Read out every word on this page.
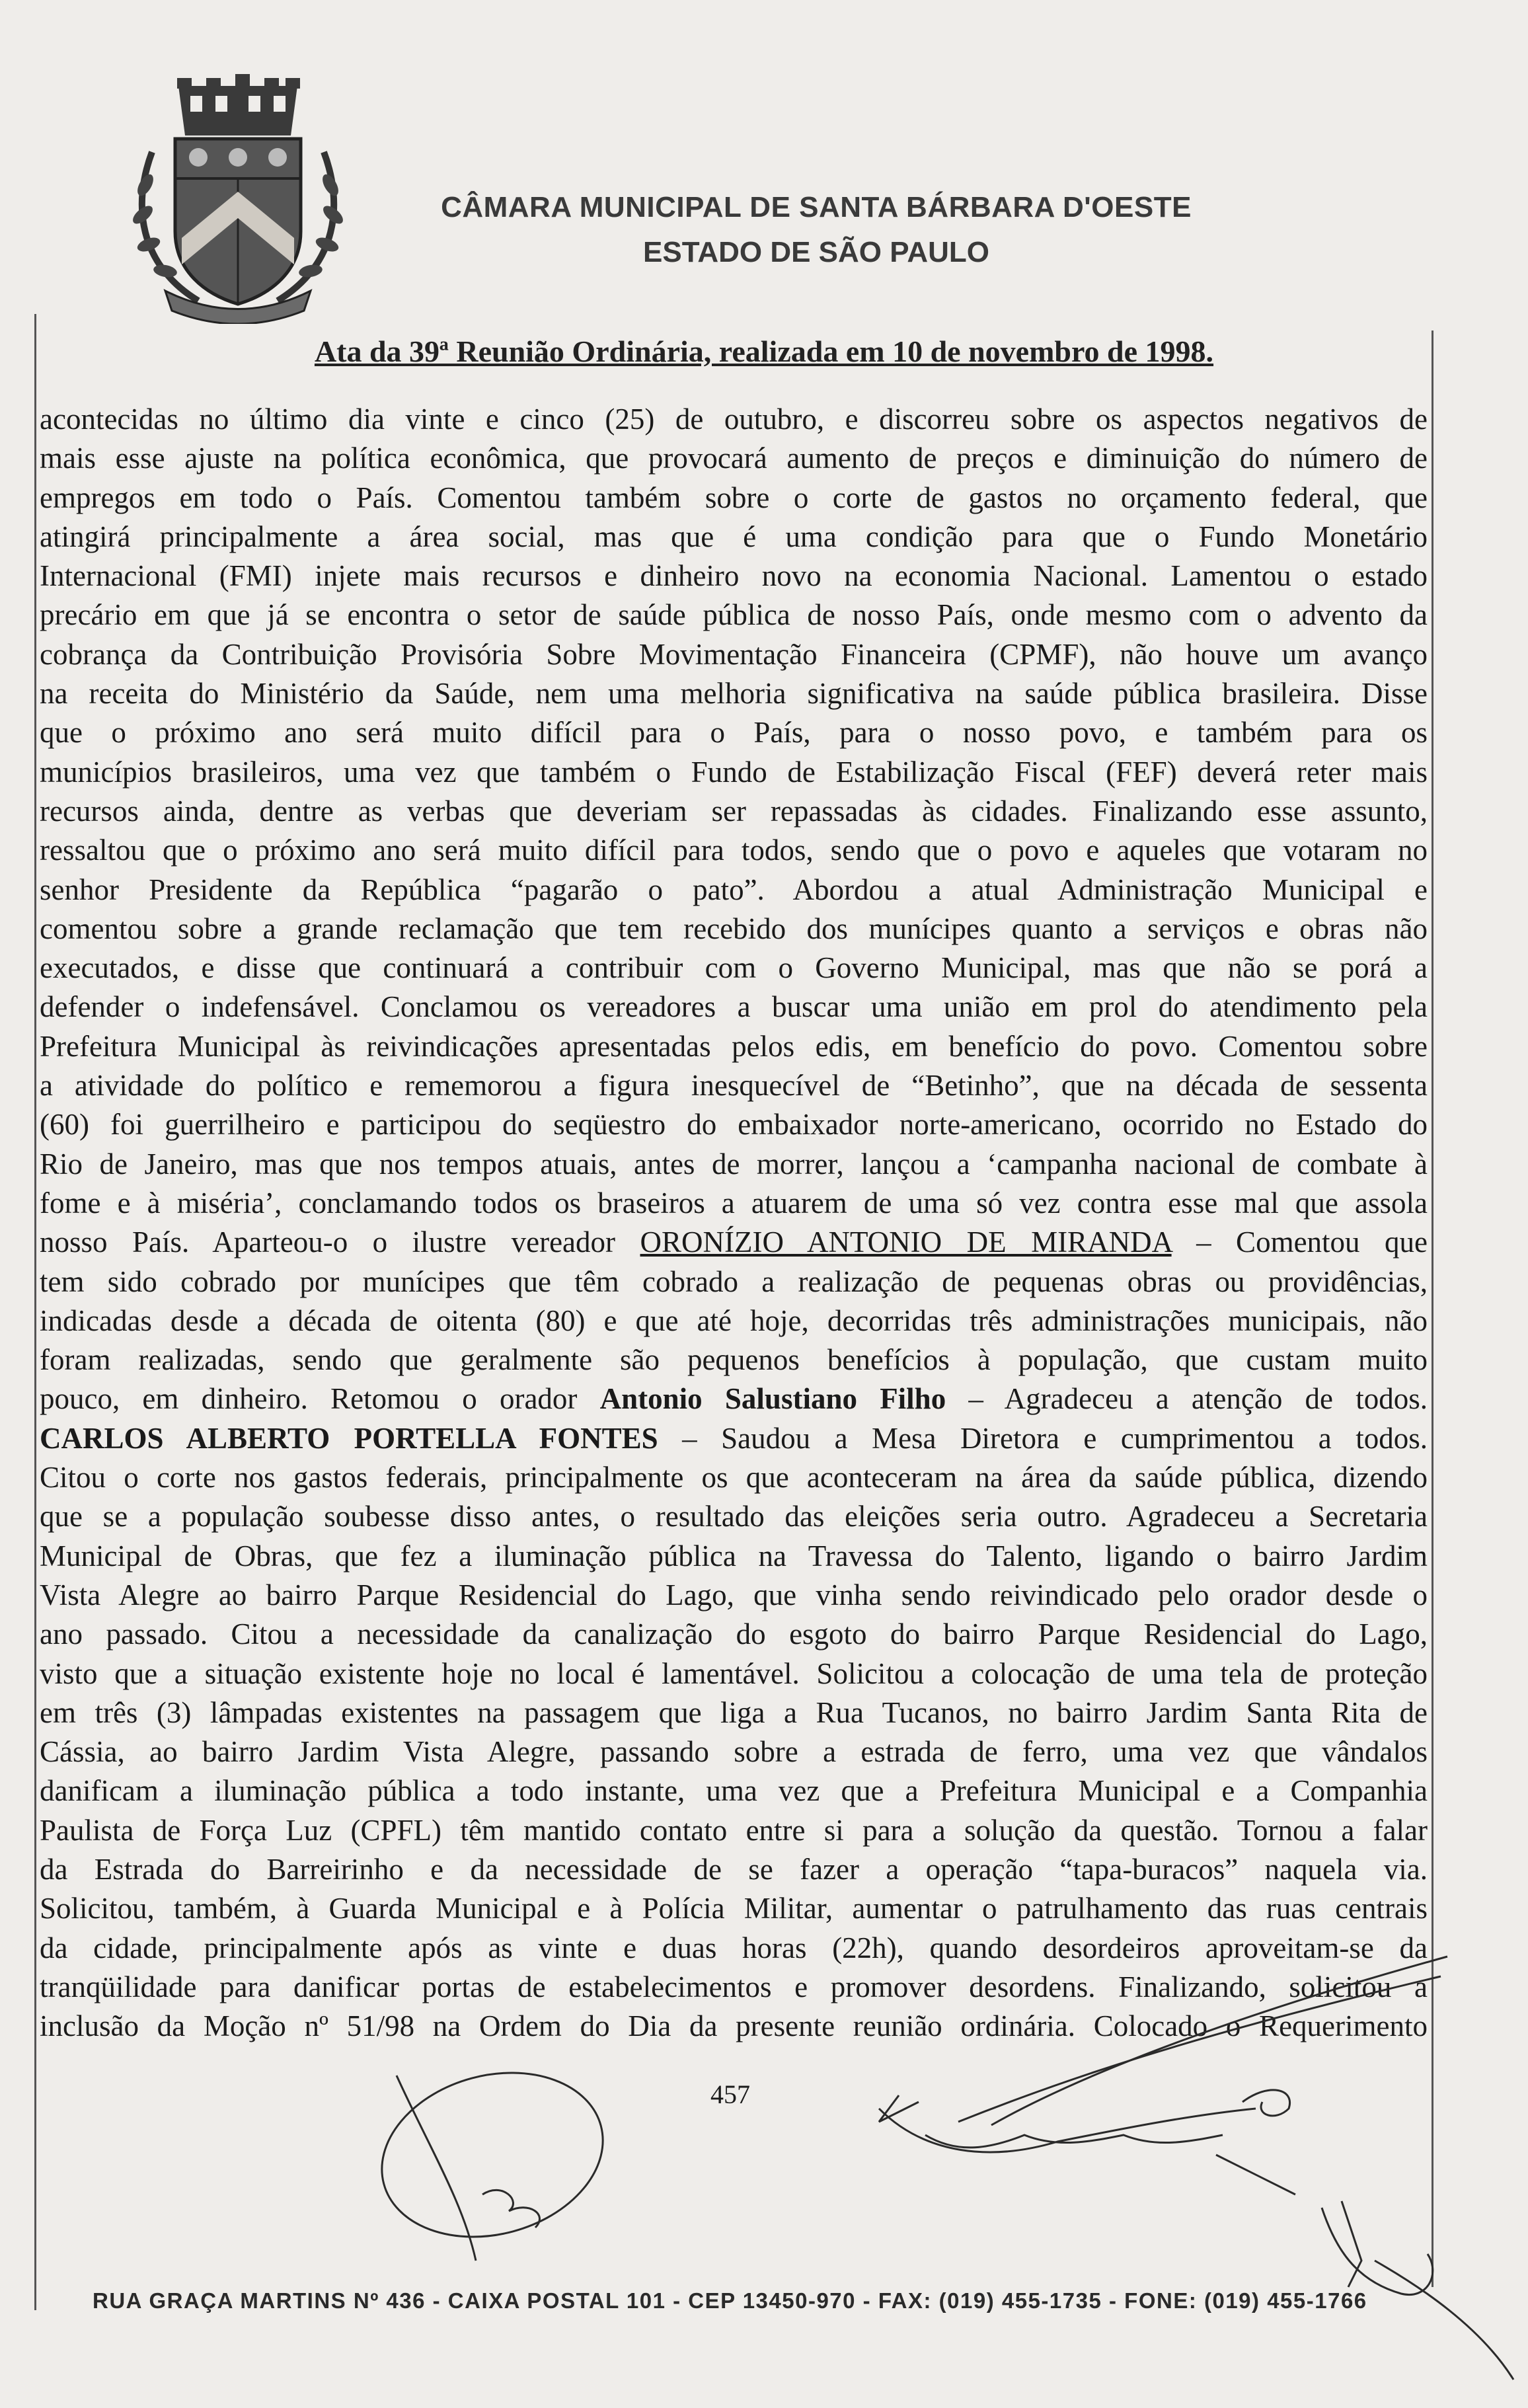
CÂMARA MUNICIPAL DE SANTA BÁRBARA D'OESTE
ESTADO DE SÃO PAULO
Ata da 39ª Reunião Ordinária, realizada em 10 de novembro de 1998.
acontecidas no último dia vinte e cinco (25) de outubro, e discorreu sobre os aspectos negativos de
mais esse ajuste na política econômica, que provocará aumento de preços e diminuição do número de
empregos em todo o País. Comentou também sobre o corte de gastos no orçamento federal, que
atingirá principalmente a área social, mas que é uma condição para que o Fundo Monetário
Internacional (FMI) injete mais recursos e dinheiro novo na economia Nacional. Lamentou o estado
precário em que já se encontra o setor de saúde pública de nosso País, onde mesmo com o advento da
cobrança da Contribuição Provisória Sobre Movimentação Financeira (CPMF), não houve um avanço
na receita do Ministério da Saúde, nem uma melhoria significativa na saúde pública brasileira. Disse
que o próximo ano será muito difícil para o País, para o nosso povo, e também para os
municípios brasileiros, uma vez que também o Fundo de Estabilização Fiscal (FEF) deverá reter mais
recursos ainda, dentre as verbas que deveriam ser repassadas às cidades. Finalizando esse assunto,
ressaltou que o próximo ano será muito difícil para todos, sendo que o povo e aqueles que votaram no
senhor Presidente da República “pagarão o pato”. Abordou a atual Administração Municipal e
comentou sobre a grande reclamação que tem recebido dos munícipes quanto a serviços e obras não
executados, e disse que continuará a contribuir com o Governo Municipal, mas que não se porá a
defender o indefensável. Conclamou os vereadores a buscar uma união em prol do atendimento pela
Prefeitura Municipal às reivindicações apresentadas pelos edis, em benefício do povo. Comentou sobre
a atividade do político e rememorou a figura inesquecível de “Betinho”, que na década de sessenta
(60) foi guerrilheiro e participou do seqüestro do embaixador norte-americano, ocorrido no Estado do
Rio de Janeiro, mas que nos tempos atuais, antes de morrer, lançou a ‘campanha nacional de combate à
fome e à miséria’, conclamando todos os braseiros a atuarem de uma só vez contra esse mal que assola
nosso País. Aparteou-o o ilustre vereador ORONÍZIO ANTONIO DE MIRANDA – Comentou que
tem sido cobrado por munícipes que têm cobrado a realização de pequenas obras ou providências,
indicadas desde a década de oitenta (80) e que até hoje, decorridas três administrações municipais, não
foram realizadas, sendo que geralmente são pequenos benefícios à população, que custam muito
pouco, em dinheiro. Retomou o orador Antonio Salustiano Filho – Agradeceu a atenção de todos.
CARLOS ALBERTO PORTELLA FONTES – Saudou a Mesa Diretora e cumprimentou a todos.
Citou o corte nos gastos federais, principalmente os que aconteceram na área da saúde pública, dizendo
que se a população soubesse disso antes, o resultado das eleições seria outro. Agradeceu a Secretaria
Municipal de Obras, que fez a iluminação pública na Travessa do Talento, ligando o bairro Jardim
Vista Alegre ao bairro Parque Residencial do Lago, que vinha sendo reivindicado pelo orador desde o
ano passado. Citou a necessidade da canalização do esgoto do bairro Parque Residencial do Lago,
visto que a situação existente hoje no local é lamentável. Solicitou a colocação de uma tela de proteção
em três (3) lâmpadas existentes na passagem que liga a Rua Tucanos, no bairro Jardim Santa Rita de
Cássia, ao bairro Jardim Vista Alegre, passando sobre a estrada de ferro, uma vez que vândalos
danificam a iluminação pública a todo instante, uma vez que a Prefeitura Municipal e a Companhia
Paulista de Força Luz (CPFL) têm mantido contato entre si para a solução da questão. Tornou a falar
da Estrada do Barreirinho e da necessidade de se fazer a operação “tapa-buracos” naquela via.
Solicitou, também, à Guarda Municipal e à Polícia Militar, aumentar o patrulhamento das ruas centrais
da cidade, principalmente após as vinte e duas horas (22h), quando desordeiros aproveitam-se da
tranqüilidade para danificar portas de estabelecimentos e promover desordens. Finalizando, solicitou a
inclusão da Moção nº 51/98 na Ordem do Dia da presente reunião ordinária. Colocado o Requerimento
457
RUA GRAÇA MARTINS Nº 436 - CAIXA POSTAL 101 - CEP 13450-970 - FAX: (019) 455-1735 - FONE: (019) 455-1766
